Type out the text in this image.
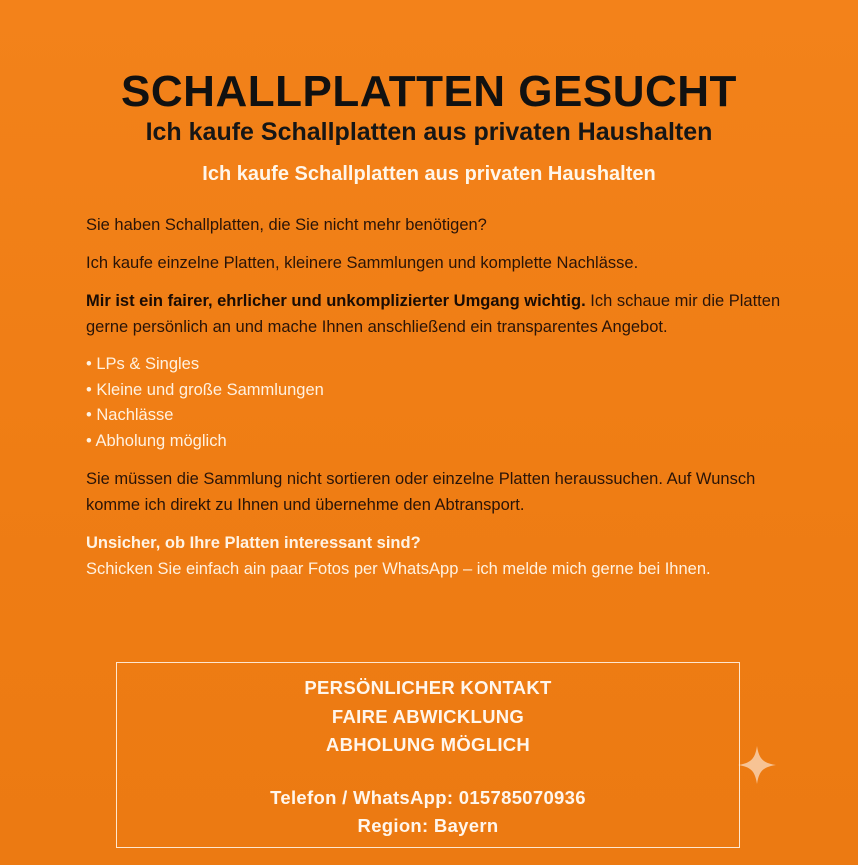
SCHALLPLATTEN GESUCHT
Ich kaufe Schallplatten aus privaten Haushalten
Ich kaufe Schallplatten aus privaten Haushalten

Sie haben Schallplatten, die Sie nicht mehr benötigen?

Ich kaufe einzelne Platten, kleinere Sammlungen und komplette Nachlässe.

Mir ist ein fairer, ehrlicher und unkomplizierter Umgang wichtig. Ich schaue mir die Platten gerne persönlich an und mache Ihnen anschließend ein transparentes Angebot.

• LPs & Singles
• Kleine und große Sammlungen
• Nachlässe
• Abholung möglich

Sie müssen die Sammlung nicht sortieren oder einzelne Platten heraussuchen. Auf Wunsch komme ich direkt zu Ihnen und übernehme den Abtransport.

Unsicher, ob Ihre Platten interessant sind?
Schicken Sie einfach ain paar Fotos per WhatsApp – ich melde mich gerne bei Ihnen.
PERSÖNLICHER KONTAKT
FAIRE ABWICKLUNG
ABHOLUNG MÖGLICH
Telefon / WhatsApp: 015785070936
Region: Bayern
